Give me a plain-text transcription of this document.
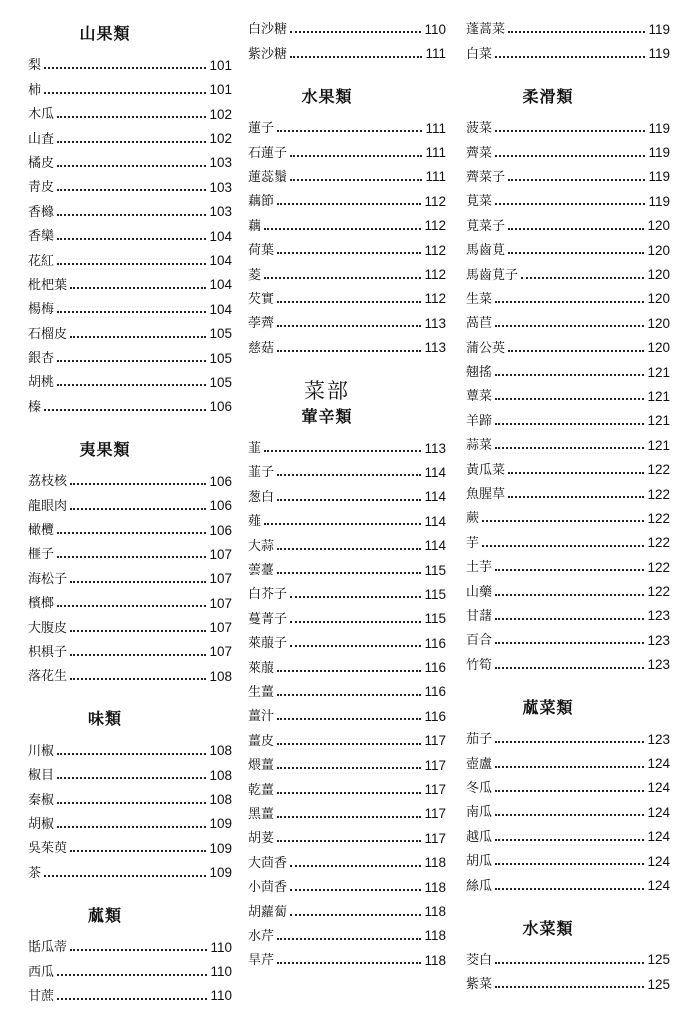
山果類
梨	101
柿	101
木瓜	102
山査	102
橘皮	103
靑皮	103
香櫞	103
香欒	104
花紅	104
枇杷葉	104
楊梅	104
石榴皮	105
銀杏	105
胡桃	105
榛	106
夷果類
荔枝核	106
龍眼肉	106
橄欖	106
榧子	107
海松子	107
檳榔	107
大腹皮	107
枳椇子	107
落花生	108
味類
川椒	108
椒目	108
秦椒	108
胡椒	109
吳茱萸	109
茶	109
蓏類
甛瓜蒂	110
西瓜	110
甘蔗	110
白沙糖	110
紫沙糖	111
水果類
蓮子	111
石蓮子	111
蓮蕊鬚	111
藕節	112
藕	112
荷葉	112
菱	112
芡實	112
荸薺	113
慈菇	113
菜部
葷辛類
韮	113
韮子	114
葱白	114
薤	114
大蒜	114
蕓薹	115
白芥子	115
蔓菁子	115
萊菔子	116
萊菔	116
生薑	116
薑汁	116
薑皮	117
煨薑	117
乾薑	117
黑薑	117
胡荽	117
大茴香	118
小茴香	118
胡蘿蔔	118
水芹	118
旱芹	118
蓬蒿菜	119
白菜	119
柔滑類
菠菜	119
薺菜	119
薺菜子	119
莧菜	119
莧菜子	120
馬齒莧	120
馬齒莧子	120
生菜	120
萵苣	120
蒲公英	120
翹搖	121
蕈菜	121
羊蹄	121
蒜菜	121
黃瓜菜	122
魚腥草	122
蕨	122
芋	122
土芋	122
山藥	122
甘藷	123
百合	123
竹筍	123
蓏菜類
茄子	123
壺盧	124
冬瓜	124
南瓜	124
越瓜	124
胡瓜	124
絲瓜	124
水菜類
茭白	125
紫菜	125
